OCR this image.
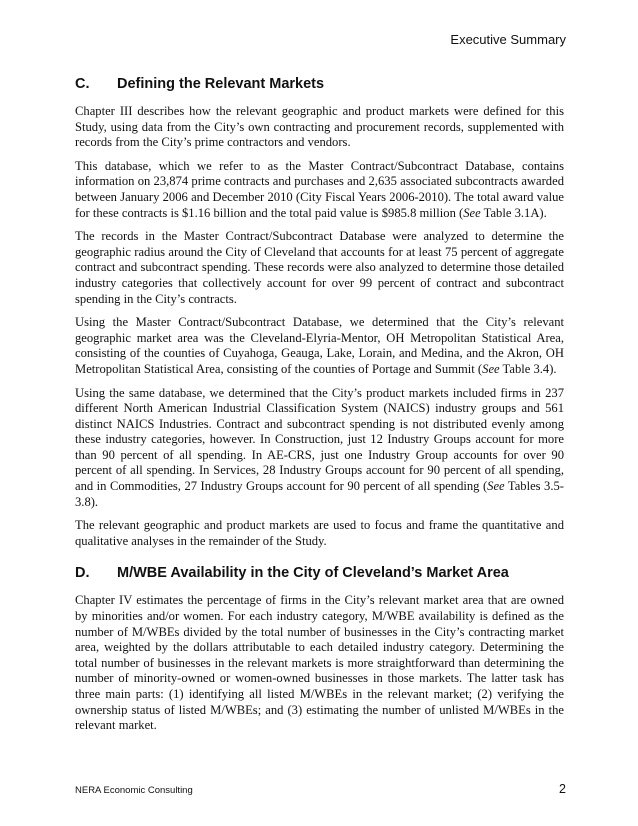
Executive Summary
C.	Defining the Relevant Markets

Chapter III describes how the relevant geographic and product markets were defined for this Study, using data from the City’s own contracting and procurement records, supplemented with records from the City’s prime contractors and vendors.

This database, which we refer to as the Master Contract/Subcontract Database, contains information on 23,874 prime contracts and purchases and 2,635 associated subcontracts awarded between January 2006 and December 2010 (City Fiscal Years 2006-2010). The total award value for these contracts is $1.16 billion and the total paid value is $985.8 million (See Table 3.1A).

The records in the Master Contract/Subcontract Database were analyzed to determine the geographic radius around the City of Cleveland that accounts for at least 75 percent of aggregate contract and subcontract spending. These records were also analyzed to determine those detailed industry categories that collectively account for over 99 percent of contract and subcontract spending in the City’s contracts.

Using the Master Contract/Subcontract Database, we determined that the City’s relevant geographic market area was the Cleveland-Elyria-Mentor, OH Metropolitan Statistical Area, consisting of the counties of Cuyahoga, Geauga, Lake, Lorain, and Medina, and the Akron, OH Metropolitan Statistical Area, consisting of the counties of Portage and Summit (See Table 3.4).

Using the same database, we determined that the City’s product markets included firms in 237 different North American Industrial Classification System (NAICS) industry groups and 561 distinct NAICS Industries. Contract and subcontract spending is not distributed evenly among these industry categories, however. In Construction, just 12 Industry Groups account for more than 90 percent of all spending. In AE-CRS, just one Industry Group accounts for over 90 percent of all spending. In Services, 28 Industry Groups account for 90 percent of all spending, and in Commodities, 27 Industry Groups account for 90 percent of all spending (See Tables 3.5-3.8).

The relevant geographic and product markets are used to focus and frame the quantitative and qualitative analyses in the remainder of the Study.

D.	M/WBE Availability in the City of Cleveland’s Market Area

Chapter IV estimates the percentage of firms in the City’s relevant market area that are owned by minorities and/or women. For each industry category, M/WBE availability is defined as the number of M/WBEs divided by the total number of businesses in the City’s contracting market area, weighted by the dollars attributable to each detailed industry category. Determining the total number of businesses in the relevant markets is more straightforward than determining the number of minority-owned or women-owned businesses in those markets. The latter task has three main parts: (1) identifying all listed M/WBEs in the relevant market; (2) verifying the ownership status of listed M/WBEs; and (3) estimating the number of unlisted M/WBEs in the relevant market.

NERA Economic Consulting	2
